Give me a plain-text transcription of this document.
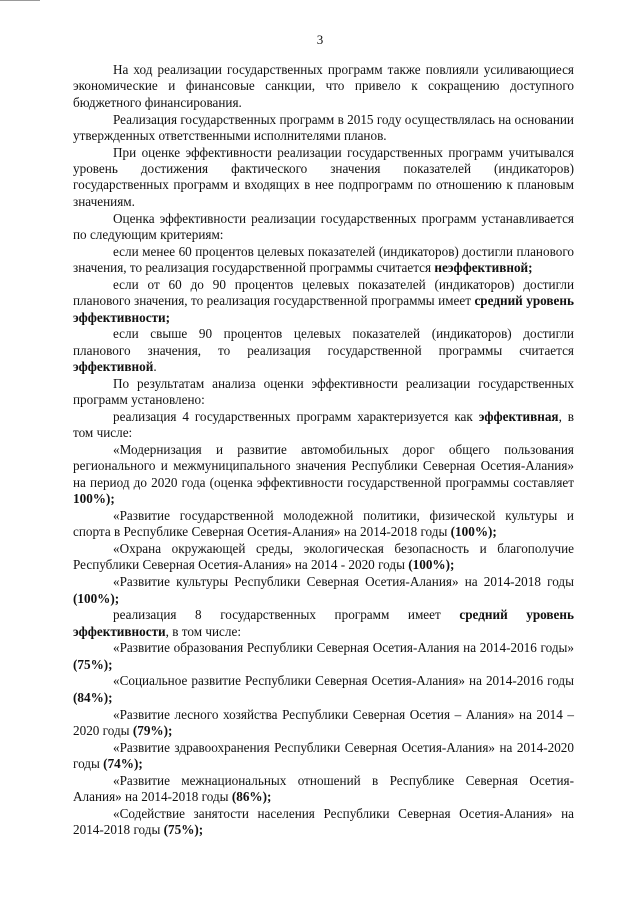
3

На ход реализации государственных программ также повлияли усиливающиеся экономические и финансовые санкции, что привело к сокращению доступного бюджетного финансирования.

Реализация государственных программ в 2015 году осуществлялась на основании утвержденных ответственными исполнителями планов.

При оценке эффективности реализации государственных программ учитывался уровень достижения фактического значения показателей (индикаторов) государственных программ и входящих в нее подпрограмм по отношению к плановым значениям.

Оценка эффективности реализации государственных программ устанавливается по следующим критериям:

если менее 60 процентов целевых показателей (индикаторов) достигли планового значения, то реализация государственной программы считается неэффективной;

если от 60 до 90 процентов целевых показателей (индикаторов) достигли планового значения, то реализация государственной программы имеет средний уровень эффективности;

если свыше 90 процентов целевых показателей (индикаторов) достигли планового значения, то реализация государственной программы считается эффективной.

По результатам анализа оценки эффективности реализации государственных программ установлено:

реализация 4 государственных программ характеризуется как эффективная, в том числе:

«Модернизация и развитие автомобильных дорог общего пользования регионального и межмуниципального значения Республики Северная Осетия-Алания» на период до 2020 года (оценка эффективности государственной программы составляет 100%);

«Развитие государственной молодежной политики, физической культуры и спорта в Республике Северная Осетия-Алания» на 2014-2018 годы (100%);

«Охрана окружающей среды, экологическая безопасность и благополучие Республики Северная Осетия-Алания» на 2014 - 2020 годы (100%);

«Развитие культуры Республики Северная Осетия-Алания» на 2014-2018 годы (100%);

реализация 8 государственных программ имеет средний уровень эффективности, в том числе:

«Развитие образования Республики Северная Осетия-Алания на 2014-2016 годы» (75%);

«Социальное развитие Республики Северная Осетия-Алания» на 2014-2016 годы (84%);

«Развитие лесного хозяйства Республики Северная Осетия – Алания» на 2014 – 2020 годы (79%);

«Развитие здравоохранения Республики Северная Осетия-Алания» на 2014-2020 годы (74%);

«Развитие межнациональных отношений в Республике Северная Осетия-Алания» на 2014-2018 годы (86%);

«Содействие занятости населения Республики Северная Осетия-Алания» на 2014-2018 годы (75%);
